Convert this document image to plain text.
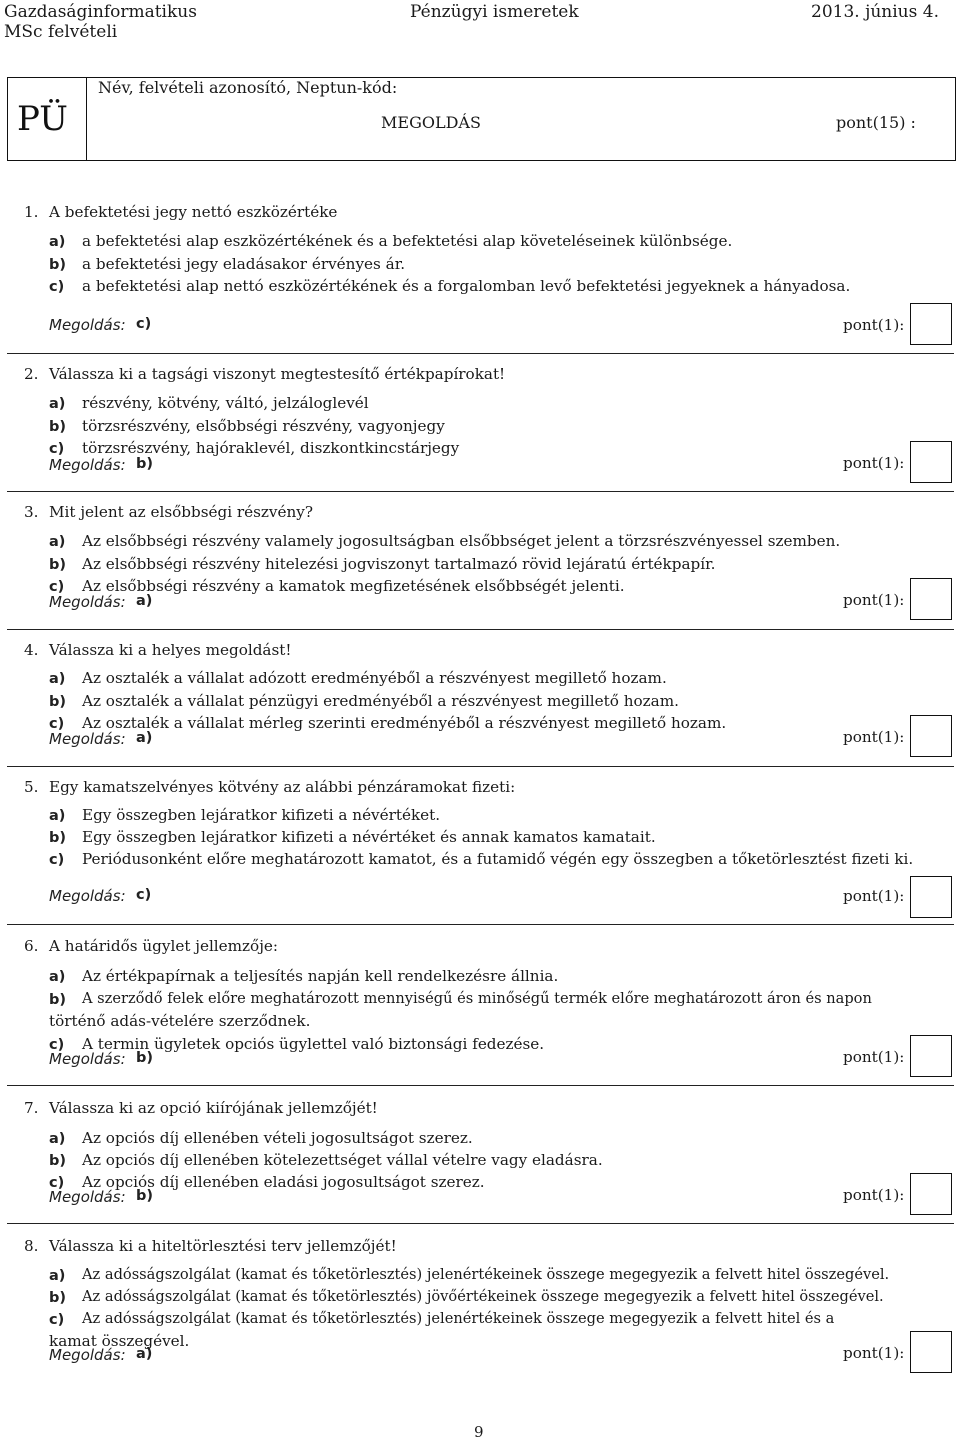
Gazdaságinformatikus
MSc felvételi
Pénzügyi ismeretek	2013. június 4.
PÜ
Név, felvételi azonosító, Neptun-kód:
MEGOLDÁS	pont(15) :
1. A befektetési jegy nettó eszközértéke
a) a befektetési alap eszközértékének és a befektetési alap követeléseinek különbsége.
b) a befektetési jegy eladásakor érvényes ár.
c) a befektetési alap nettó eszközértékének és a forgalomban levő befektetési jegyeknek a hányadosa.
Megoldás: c)	pont(1):
2. Válassza ki a tagsági viszonyt megtestesítő értékpapírokat!
a) részvény, kötvény, váltó, jelzáloglevél
b) törzsrészvény, elsőbbségi részvény, vagyonjegy
c) törzsrészvény, hajóraklevél, diszkontkincstárjegy
Megoldás: b)	pont(1):
3. Mit jelent az elsőbbségi részvény?
a) Az elsőbbségi részvény valamely jogosultságban elsőbbséget jelent a törzsrészvényessel szemben.
b) Az elsőbbségi részvény hitelezési jogviszonyt tartalmazó rövid lejáratú értékpapír.
c) Az elsőbbségi részvény a kamatok megfizetésének elsőbbségét jelenti.
Megoldás: a)	pont(1):
4. Válassza ki a helyes megoldást!
a) Az osztalék a vállalat adózott eredményéből a részvényest megillető hozam.
b) Az osztalék a vállalat pénzügyi eredményéből a részvényest megillető hozam.
c) Az osztalék a vállalat mérleg szerinti eredményéből a részvényest megillető hozam.
Megoldás: a)	pont(1):
5. Egy kamatszelvényes kötvény az alábbi pénzáramokat fizeti:
a) Egy összegben lejáratkor kifizeti a névértéket.
b) Egy összegben lejáratkor kifizeti a névértéket és annak kamatos kamatait.
c) Periódusonként előre meghatározott kamatot, és a futamidő végén egy összegben a tőketörlesztést fizeti ki.
Megoldás: c)	pont(1):
6. A határidős ügylet jellemzője:
a) Az értékpapírnak a teljesítés napján kell rendelkezésre állnia.
b) A szerződő felek előre meghatározott mennyiségű és minőségű termék előre meghatározott áron és napon
történő adás-vételére szerződnek.
c) A termin ügyletek opciós ügylettel való biztonsági fedezése.
Megoldás: b)	pont(1):
7. Válassza ki az opció kiírójának jellemzőjét!
a) Az opciós díj ellenében vételi jogosultságot szerez.
b) Az opciós díj ellenében kötelezettséget vállal vételre vagy eladásra.
c) Az opciós díj ellenében eladási jogosultságot szerez.
Megoldás: b)	pont(1):
8. Válassza ki a hiteltörlesztési terv jellemzőjét!
a) Az adósságszolgálat (kamat és tőketörlesztés) jelenértékeinek összege megegyezik a felvett hitel összegével.
b) Az adósságszolgálat (kamat és tőketörlesztés) jövőértékeinek összege megegyezik a felvett hitel összegével.
c) Az adósságszolgálat (kamat és tőketörlesztés) jelenértékeinek összege megegyezik a felvett hitel és a
kamat összegével.
Megoldás: a)	pont(1):
9
